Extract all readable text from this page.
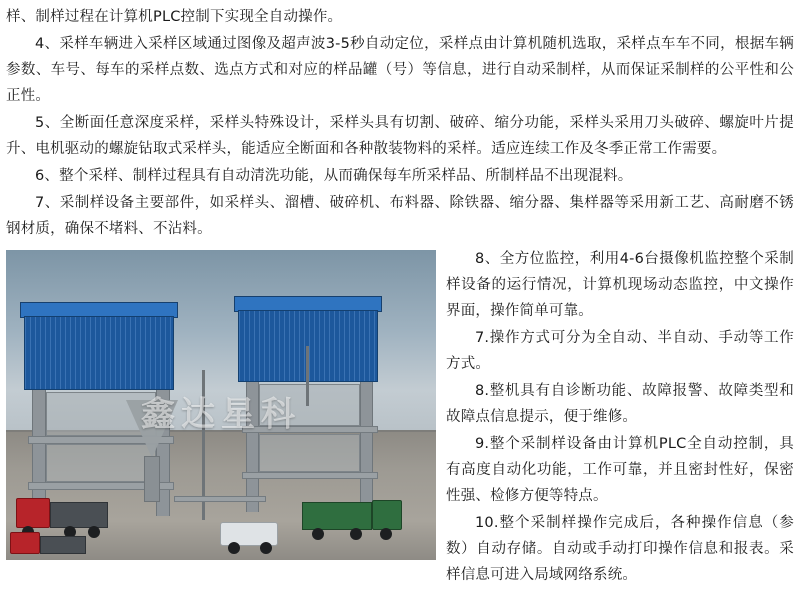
样、制样过程在计算机PLC控制下实现全自动操作。

4、采样车辆进入采样区域通过图像及超声波3-5秒自动定位，采样点由计算机随机选取，采样点车车不同，根据车辆参数、车号、每车的采样点数、选点方式和对应的样品罐（号）等信息，进行自动采制样，从而保证采制样的公平性和公正性。

5、全断面任意深度采样，采样头特殊设计，采样头具有切割、破碎、缩分功能，采样头采用刀头破碎、螺旋叶片提升、电机驱动的螺旋钻取式采样头，能适应全断面和各种散装物料的采样。适应连续工作及冬季正常工作需要。

6、整个采样、制样过程具有自动清洗功能，从而确保每车所采样品、所制样品不出现混料。

7、采制样设备主要部件，如采样头、溜槽、破碎机、布料器、除铁器、缩分器、集样器等采用新工艺、高耐磨不锈钢材质，确保不堵料、不沾料。

鑫达星科

8、全方位监控，利用4-6台摄像机监控整个采制样设备的运行情况，计算机现场动态监控，中文操作界面，操作简单可靠。

7.操作方式可分为全自动、半自动、手动等工作方式。

8.整机具有自诊断功能、故障报警、故障类型和故障点信息提示，便于维修。

9.整个采制样设备由计算机PLC全自动控制，具有高度自动化功能，工作可靠，并且密封性好，保密性强、检修方便等特点。

10.整个采制样操作完成后，各种操作信息（参数）自动存储。自动或手动打印操作信息和报表。采样信息可进入局域网络系统。
